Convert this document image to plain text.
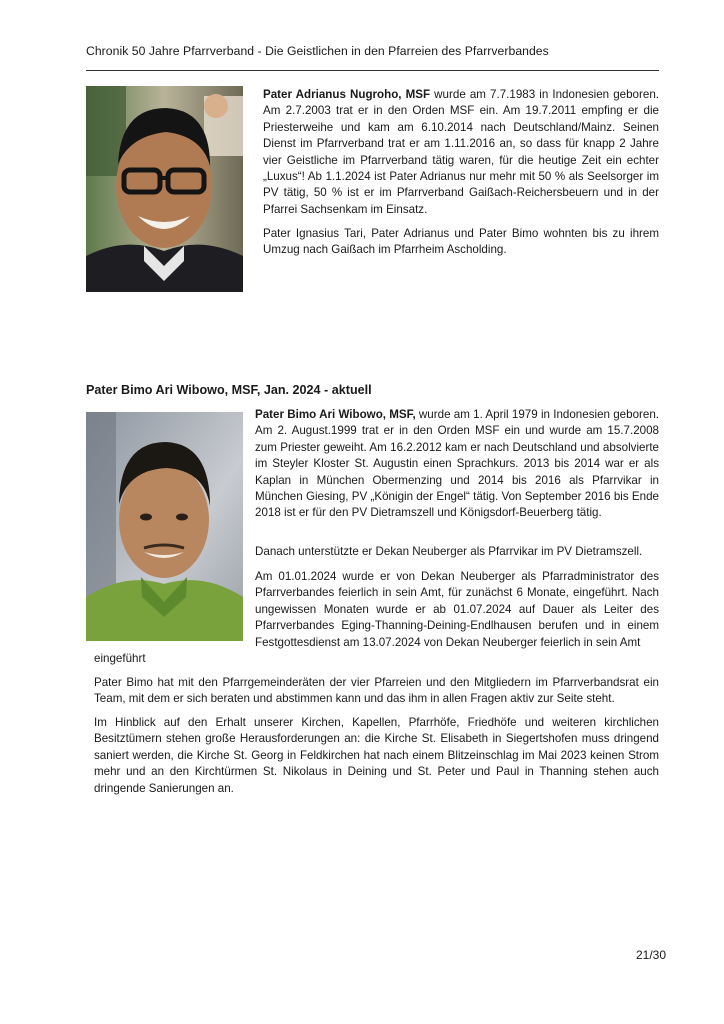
Chronik 50 Jahre Pfarrverband - Die Geistlichen in den Pfarreien des Pfarrverbandes

Pater Adrianus Nugroho, MSF wurde am 7.7.1983 in Indonesien geboren. Am 2.7.2003 trat er in den Orden MSF ein. Am 19.7.2011 empfing er die Priesterweihe und kam am 6.10.2014 nach Deutschland/Mainz. Seinen Dienst im Pfarrverband trat er am 1.11.2016 an, so dass für knapp 2 Jahre vier Geistliche im Pfarrverband tätig waren, für die heutige Zeit ein echter „Luxus“! Ab 1.1.2024 ist Pater Adrianus nur mehr mit 50 % als Seelsorger im PV tätig, 50 % ist er im Pfarrverband Gaißach-Reichersbeuern und in der Pfarrei Sachsenkam im Einsatz.

Pater Ignasius Tari, Pater Adrianus und Pater Bimo wohnten bis zu ihrem Umzug nach Gaißach im Pfarrheim Ascholding.

Pater Bimo Ari Wibowo, MSF, Jan. 2024 - aktuell

Pater Bimo Ari Wibowo, MSF, wurde am 1. April 1979 in Indonesien geboren. Am 2. August.1999 trat er in den Orden MSF ein und wurde am 15.7.2008 zum Priester geweiht. Am 16.2.2012 kam er nach Deutschland und absolvierte im Steyler Kloster St. Augustin einen Sprachkurs. 2013 bis 2014 war er als Kaplan in München Obermenzing und 2014 bis 2016 als Pfarrvikar in München Giesing, PV „Königin der Engel“ tätig. Von September 2016 bis Ende 2018 ist er für den PV Dietramszell und Königsdorf-Beuerberg tätig.

Danach unterstützte er Dekan Neuberger als Pfarrvikar im PV Dietramszell.

Am 01.01.2024 wurde er von Dekan Neuberger als Pfarradministrator des Pfarrverbandes feierlich in sein Amt, für zunächst 6 Monate, eingeführt. Nach ungewissen Monaten wurde er ab 01.07.2024 auf Dauer als Leiter des Pfarrverbandes Eging-Thanning-Deining-Endlhausen berufen und in einem Festgottesdienst am 13.07.2024 von Dekan Neuberger feierlich in sein Amt

eingeführt

Pater Bimo hat mit den Pfarrgemeinderäten der vier Pfarreien und den Mitgliedern im Pfarrverbandsrat ein Team, mit dem er sich beraten und abstimmen kann und das ihm in allen Fragen aktiv zur Seite steht.

Im Hinblick auf den Erhalt unserer Kirchen, Kapellen, Pfarrhöfe, Friedhöfe und weiteren kirchlichen Besitztümern stehen große Herausforderungen an: die Kirche St. Elisabeth in Siegertshofen muss dringend saniert werden, die Kirche St. Georg in Feldkirchen hat nach einem Blitzeinschlag im Mai 2023 keinen Strom mehr und an den Kirchtürmen St. Nikolaus in Deining und St. Peter und Paul in Thanning stehen auch dringende Sanierungen an.

21/30
